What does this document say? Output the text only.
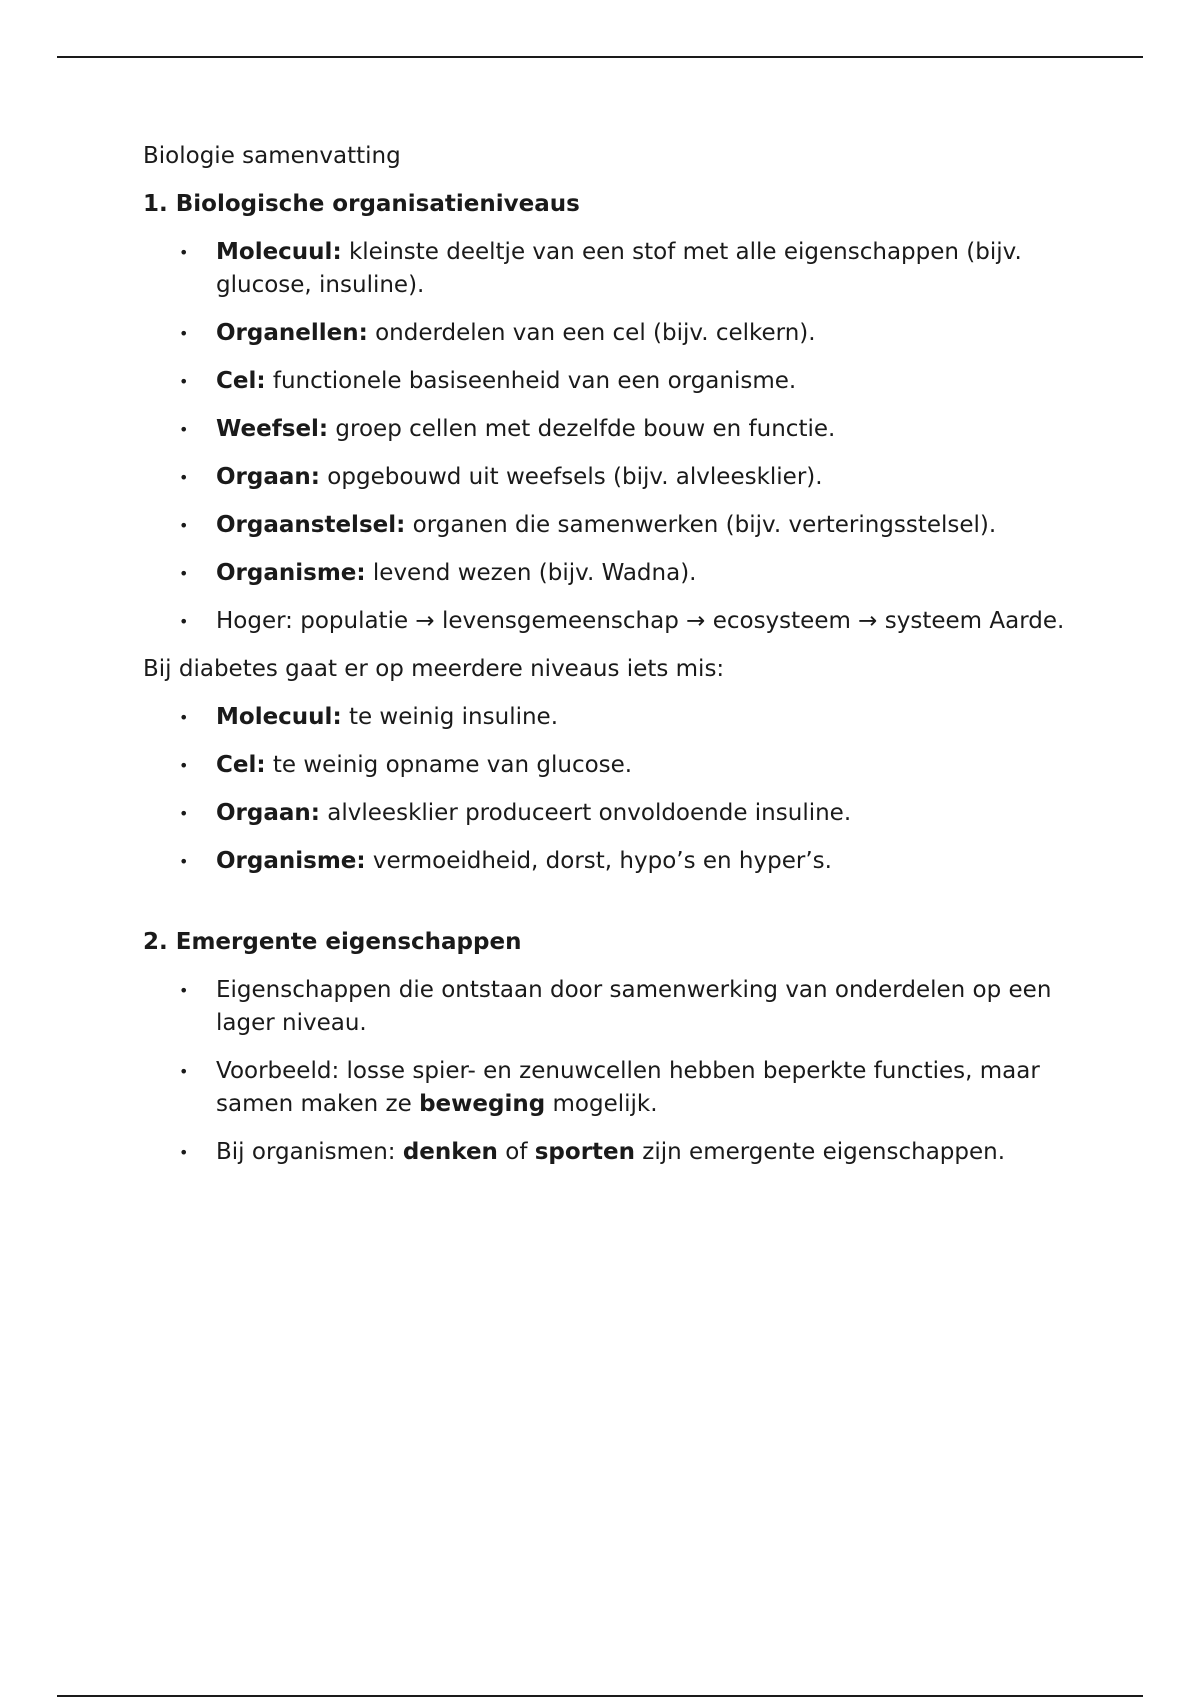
Biologie samenvatting

1. Biologische organisatieniveaus

• Molecuul: kleinste deeltje van een stof met alle eigenschappen (bijv. glucose, insuline).
• Organellen: onderdelen van een cel (bijv. celkern).
• Cel: functionele basiseenheid van een organisme.
• Weefsel: groep cellen met dezelfde bouw en functie.
• Orgaan: opgebouwd uit weefsels (bijv. alvleesklier).
• Orgaanstelsel: organen die samenwerken (bijv. verteringsstelsel).
• Organisme: levend wezen (bijv. Wadna).
• Hoger: populatie → levensgemeenschap → ecosysteem → systeem Aarde.

Bij diabetes gaat er op meerdere niveaus iets mis:

• Molecuul: te weinig insuline.
• Cel: te weinig opname van glucose.
• Orgaan: alvleesklier produceert onvoldoende insuline.
• Organisme: vermoeidheid, dorst, hypo’s en hyper’s.

2. Emergente eigenschappen

• Eigenschappen die ontstaan door samenwerking van onderdelen op een lager niveau.
• Voorbeeld: losse spier- en zenuwcellen hebben beperkte functies, maar samen maken ze beweging mogelijk.
• Bij organismen: denken of sporten zijn emergente eigenschappen.
